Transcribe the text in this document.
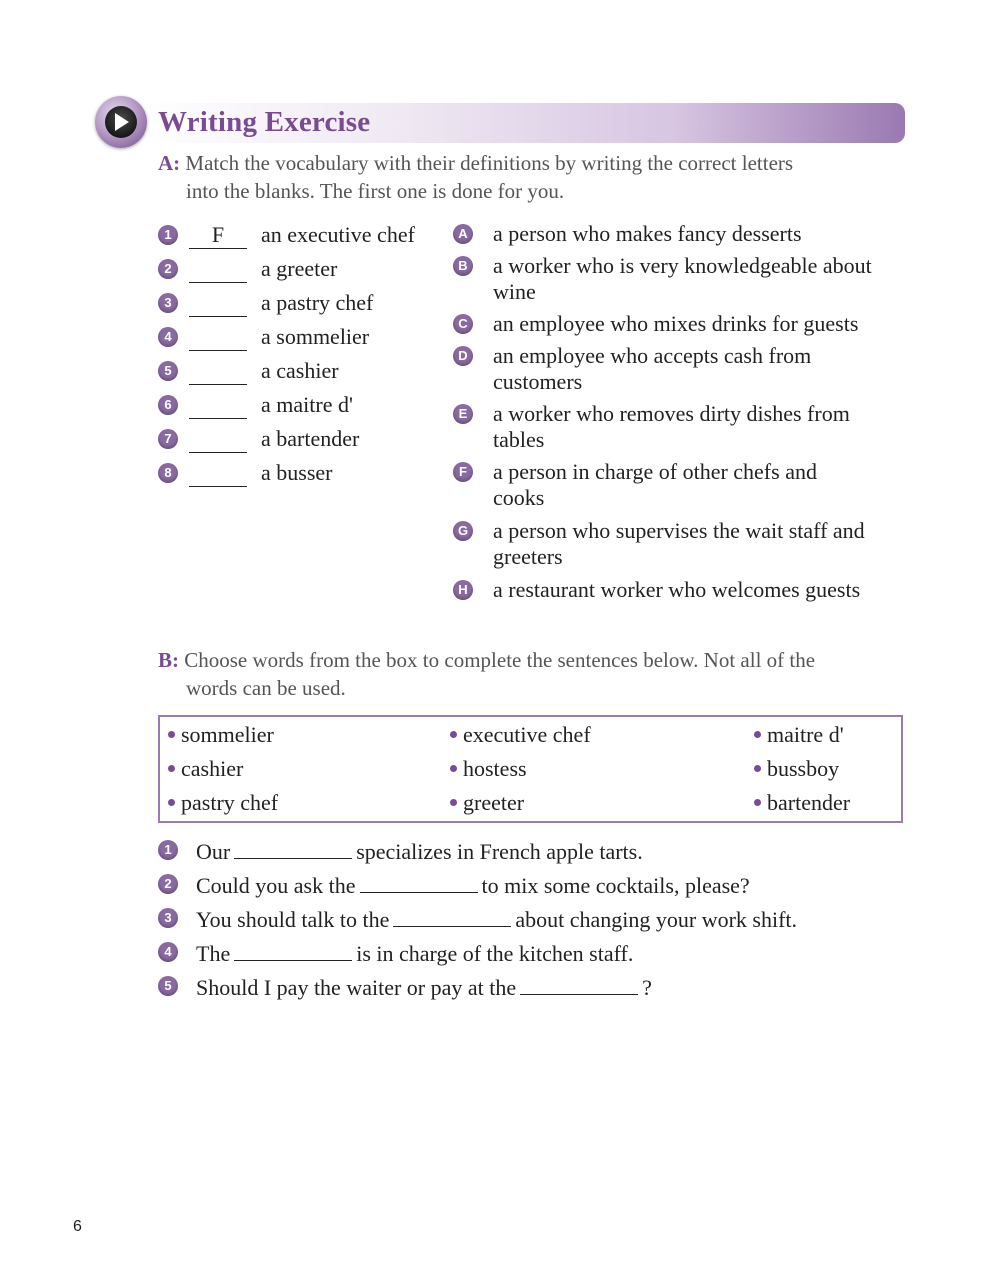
Writing Exercise
A: Match the vocabulary with their definitions by writing the correct letters
into the blanks. The first one is done for you.
1	F	an executive chef
2	a greeter
3	a pastry chef
4	a sommelier
5	a cashier
6	a maitre d'
7	a bartender
8	a busser
A a person who makes fancy desserts
B a worker who is very knowledgeable about
wine
C an employee who mixes drinks for guests
D an employee who accepts cash from
customers
E a worker who removes dirty dishes from
tables
F a person in charge of other chefs and
cooks
G a person who supervises the wait staff and
greeters
H a restaurant worker who welcomes guests
B: Choose words from the box to complete the sentences below. Not all of the
words can be used.
sommelier	executive chef	maitre d'
cashier	hostess	bussboy
pastry chef	greeter	bartender
1 Our	specializes in French apple tarts.
2 Could you ask the	to mix some cocktails, please?
3 You should talk to the	about changing your work shift.
4 The	is in charge of the kitchen staff.
5 Should I pay the waiter or pay at the	?
6
